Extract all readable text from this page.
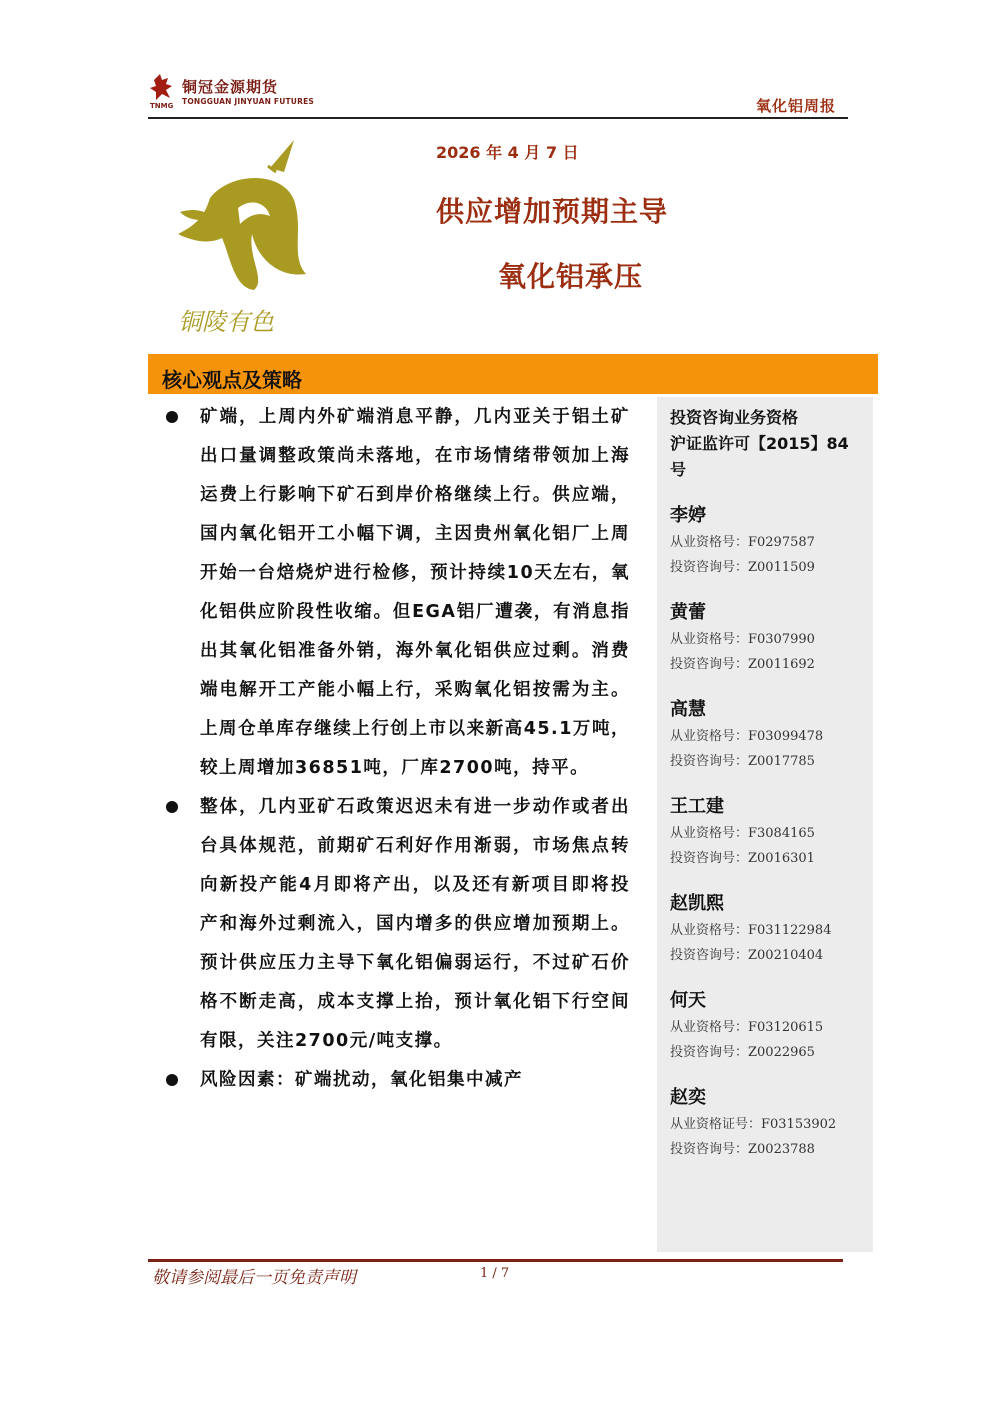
TNMG
铜冠金源期货
TONGGUAN JINYUAN FUTURES	氧化铝周报
铜陵有色
2026 年 4 月 7 日
供应增加预期主导
氧化铝承压
核心观点及策略
矿端，上周内外矿端消息平静，几内亚关于铝土矿出口量调整政策尚未落地，在市场情绪带领加上海运费上行影响下矿石到岸价格继续上行。供应端，国内氧化铝开工小幅下调，主因贵州氧化铝厂上周开始一台焙烧炉进行检修，预计持续10天左右，氧化铝供应阶段性收缩。但EGA铝厂遭袭，有消息指出其氧化铝准备外销，海外氧化铝供应过剩。消费端电解开工产能小幅上行，采购氧化铝按需为主。上周仓单库存继续上行创上市以来新高45.1万吨，较上周增加36851吨，厂库2700吨，持平。
整体，几内亚矿石政策迟迟未有进一步动作或者出台具体规范，前期矿石利好作用渐弱，市场焦点转向新投产能4月即将产出，以及还有新项目即将投产和海外过剩流入，国内增多的供应增加预期上。预计供应压力主导下氧化铝偏弱运行，不过矿石价格不断走高，成本支撑上抬，预计氧化铝下行空间有限，关注2700元/吨支撑。
风险因素：矿端扰动，氧化铝集中减产
投资咨询业务资格
沪证监许可【2015】84
号
李婷
从业资格号：F0297587
投资咨询号：Z0011509
黄蕾
从业资格号：F0307990
投资咨询号：Z0011692
高慧
从业资格号：F03099478
投资咨询号：Z0017785
王工建
从业资格号：F3084165
投资咨询号：Z0016301
赵凯熙
从业资格号：F031122984
投资咨询号：Z00210404
何天
从业资格号：F03120615
投资咨询号：Z0022965
赵奕
从业资格证号：F03153902
投资咨询号：Z0023788
敬请参阅最后一页免责声明	1 / 7
